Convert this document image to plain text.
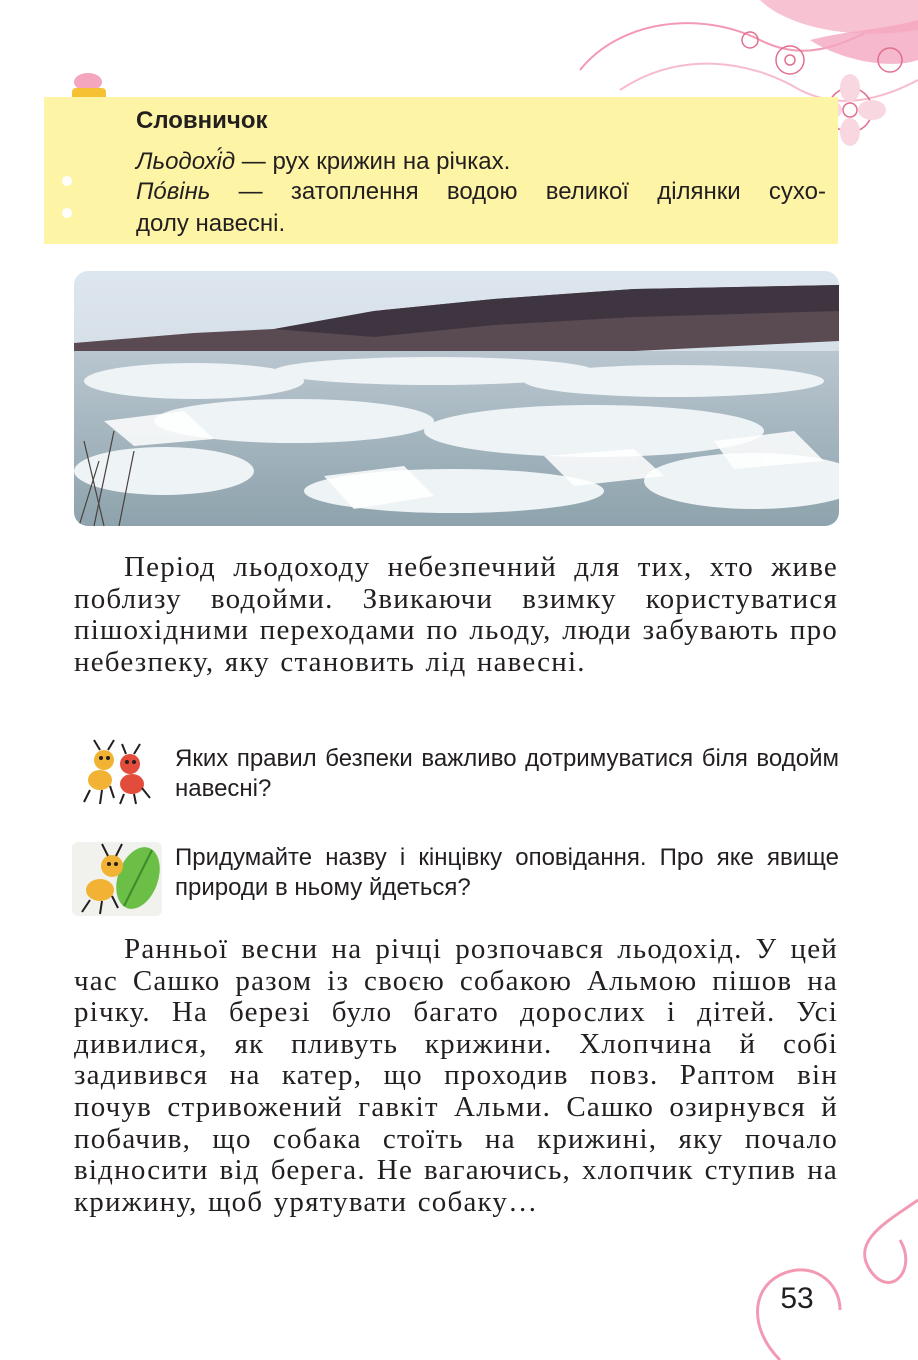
Словничок
Льодохі́д — рух крижин на річках.
По́вінь — затоплення водою великої ділянки сухо-
долу навесні.
Період льодоходу небезпечний для тих, хто живе поблизу водойми. Звикаючи взимку користуватися пішохідними переходами по льоду, люди забувають про небезпеку, яку становить лід навесні.
Яких правил безпеки важливо дотримуватися біля водойм навесні?
Придумайте назву і кінцівку оповідання. Про яке явище природи в ньому йдеться?
Ранньої весни на річці розпочався льодохід. У цей час Сашко разом із своєю собакою Альмою пішов на річку. На березі було багато дорослих і дітей. Усі дивилися, як пливуть крижини. Хлопчина й собі задивився на катер, що проходив повз. Раптом він почув стривожений гавкіт Альми. Сашко озирнувся й побачив, що собака стоїть на крижині, яку почало відносити від берега. Не вагаючись, хлопчик ступив на крижину, щоб урятувати собаку…
53
